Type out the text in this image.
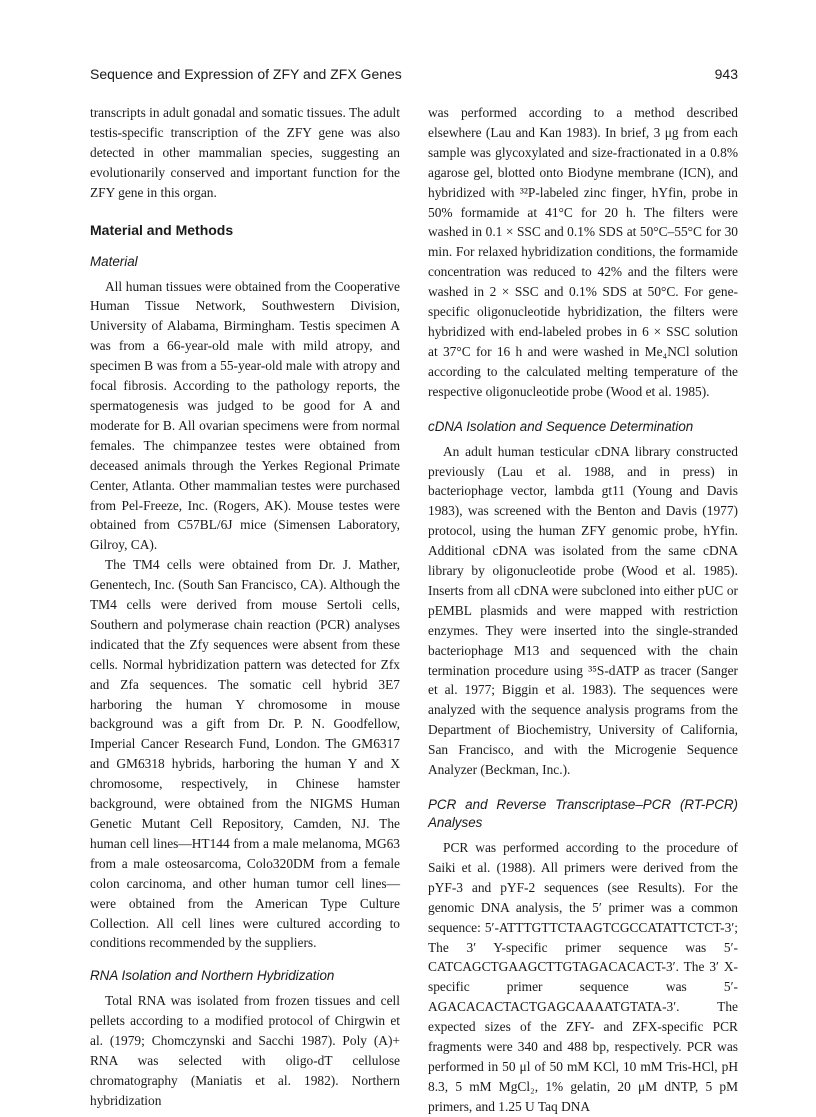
Sequence and Expression of ZFY and ZFX Genes	943

transcripts in adult gonadal and somatic tissues. The adult testis-specific transcription of the ZFY gene was also detected in other mammalian species, suggesting an evolutionarily conserved and important function for the ZFY gene in this organ.

Material and Methods
Material

All human tissues were obtained from the Cooperative Human Tissue Network, Southwestern Division, University of Alabama, Birmingham. Testis specimen A was from a 66-year-old male with mild atropy, and specimen B was from a 55-year-old male with atropy and focal fibrosis. According to the pathology reports, the spermatogenesis was judged to be good for A and moderate for B. All ovarian specimens were from normal females. The chimpanzee testes were obtained from deceased animals through the Yerkes Regional Primate Center, Atlanta. Other mammalian testes were purchased from Pel-Freeze, Inc. (Rogers, AK). Mouse testes were obtained from C57BL/6J mice (Simensen Laboratory, Gilroy, CA).

The TM4 cells were obtained from Dr. J. Mather, Genentech, Inc. (South San Francisco, CA). Although the TM4 cells were derived from mouse Sertoli cells, Southern and polymerase chain reaction (PCR) analyses indicated that the Zfy sequences were absent from these cells. Normal hybridization pattern was detected for Zfx and Zfa sequences. The somatic cell hybrid 3E7 harboring the human Y chromosome in mouse background was a gift from Dr. P. N. Goodfellow, Imperial Cancer Research Fund, London. The GM6317 and GM6318 hybrids, harboring the human Y and X chromosome, respectively, in Chinese hamster background, were obtained from the NIGMS Human Genetic Mutant Cell Repository, Camden, NJ. The human cell lines—HT144 from a male melanoma, MG63 from a male osteosarcoma, Colo320DM from a female colon carcinoma, and other human tumor cell lines—were obtained from the American Type Culture Collection. All cell lines were cultured according to conditions recommended by the suppliers.

RNA Isolation and Northern Hybridization

Total RNA was isolated from frozen tissues and cell pellets according to a modified protocol of Chirgwin et al. (1979; Chomczynski and Sacchi 1987). Poly (A)+ RNA was selected with oligo-dT cellulose chromatography (Maniatis et al. 1982). Northern hybridization

was performed according to a method described elsewhere (Lau and Kan 1983). In brief, 3 μg from each sample was glycoxylated and size-fractionated in a 0.8% agarose gel, blotted onto Biodyne membrane (ICN), and hybridized with ³²P-labeled zinc finger, hYfin, probe in 50% formamide at 41°C for 20 h. The filters were washed in 0.1 × SSC and 0.1% SDS at 50°C–55°C for 30 min. For relaxed hybridization conditions, the formamide concentration was reduced to 42% and the filters were washed in 2 × SSC and 0.1% SDS at 50°C. For gene-specific oligonucleotide hybridization, the filters were hybridized with end-labeled probes in 6 × SSC solution at 37°C for 16 h and were washed in Me₄NCl solution according to the calculated melting temperature of the respective oligonucleotide probe (Wood et al. 1985).

cDNA Isolation and Sequence Determination

An adult human testicular cDNA library constructed previously (Lau et al. 1988, and in press) in bacteriophage vector, lambda gt11 (Young and Davis 1983), was screened with the Benton and Davis (1977) protocol, using the human ZFY genomic probe, hYfin. Additional cDNA was isolated from the same cDNA library by oligonucleotide probe (Wood et al. 1985). Inserts from all cDNA were subcloned into either pUC or pEMBL plasmids and were mapped with restriction enzymes. They were inserted into the single-stranded bacteriophage M13 and sequenced with the chain termination procedure using ³⁵S-dATP as tracer (Sanger et al. 1977; Biggin et al. 1983). The sequences were analyzed with the sequence analysis programs from the Department of Biochemistry, University of California, San Francisco, and with the Microgenie Sequence Analyzer (Beckman, Inc.).

PCR and Reverse Transcriptase–PCR (RT-PCR) Analyses

PCR was performed according to the procedure of Saiki et al. (1988). All primers were derived from the pYF-3 and pYF-2 sequences (see Results). For the genomic DNA analysis, the 5′ primer was a common sequence: 5′-ATTTGTTCTAAGTCGCCATATTCTCT-3′; The 3′ Y-specific primer sequence was 5′-CATCAGCTGAAGCTTGTAGACACACT-3′. The 3′ X-specific primer sequence was 5′-AGACACACTACTGAGCAAAATGTATA-3′. The expected sizes of the ZFY- and ZFX-specific PCR fragments were 340 and 488 bp, respectively. PCR was performed in 50 μl of 50 mM KCl, 10 mM Tris-HCl, pH 8.3, 5 mM MgCl₂, 1% gelatin, 20 μM dNTP, 5 pM primers, and 1.25 U Taq DNA
